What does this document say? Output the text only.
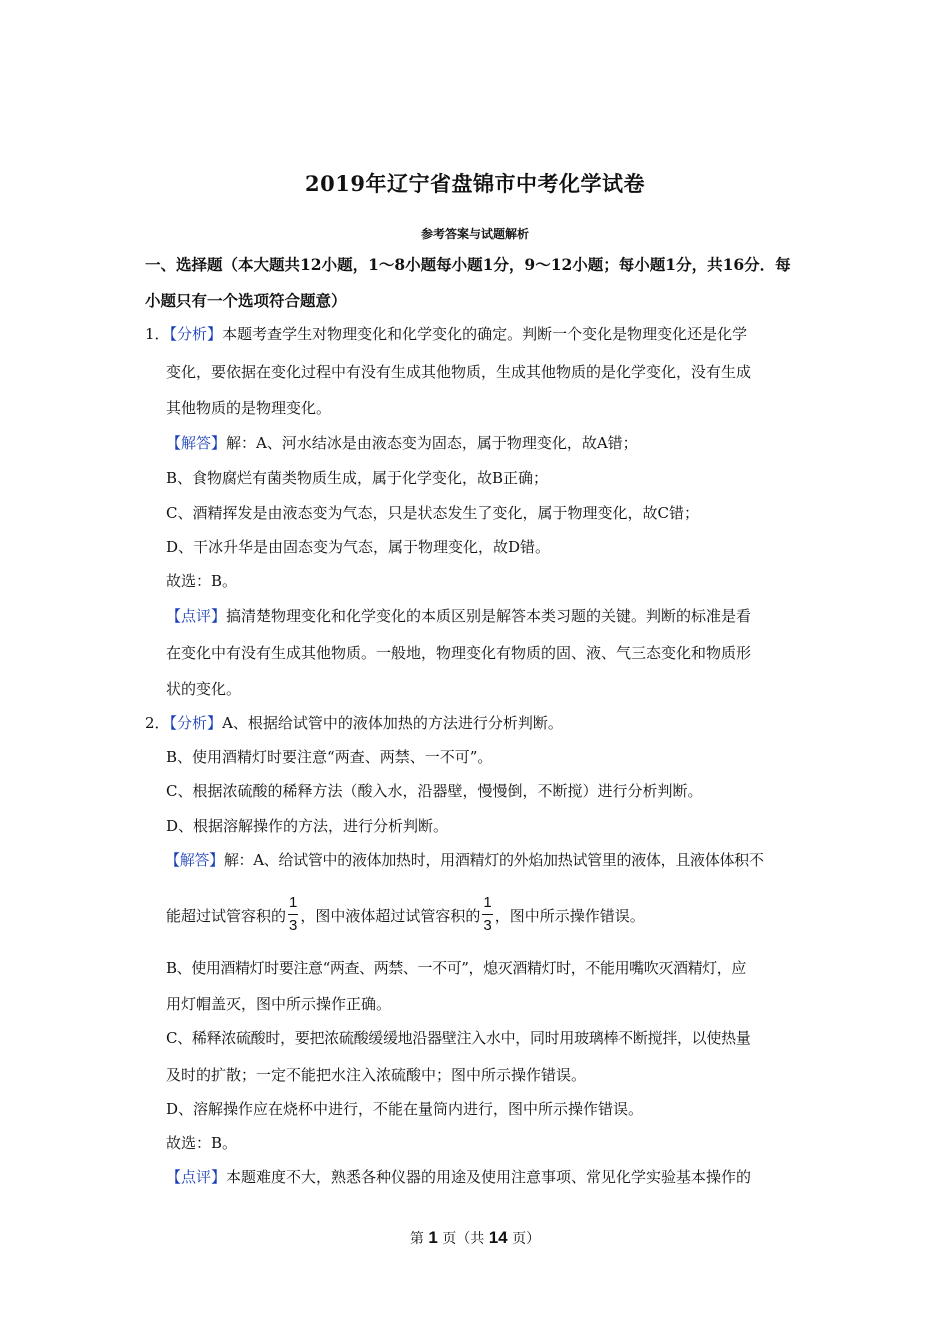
2019年辽宁省盘锦市中考化学试卷
参考答案与试题解析
一、选择题（本大题共12小题，1～8小题每小题1分，9～12小题；每小题1分，共16分．每
小题只有一个选项符合题意）
1．【分析】本题考查学生对物理变化和化学变化的确定。判断一个变化是物理变化还是化学
变化，要依据在变化过程中有没有生成其他物质，生成其他物质的是化学变化，没有生成
其他物质的是物理变化。
【解答】解：A、河水结冰是由液态变为固态，属于物理变化，故A错；
B、食物腐烂有菌类物质生成，属于化学变化，故B正确；
C、酒精挥发是由液态变为气态，只是状态发生了变化，属于物理变化，故C错；
D、干冰升华是由固态变为气态，属于物理变化，故D错。
故选：B。
【点评】搞清楚物理变化和化学变化的本质区别是解答本类习题的关键。判断的标准是看
在变化中有没有生成其他物质。一般地，物理变化有物质的固、液、气三态变化和物质形
状的变化。
2．【分析】A、根据给试管中的液体加热的方法进行分析判断。
B、使用酒精灯时要注意“两查、两禁、一不可”。
C、根据浓硫酸的稀释方法（酸入水，沿器壁，慢慢倒，不断搅）进行分析判断。
D、根据溶解操作的方法，进行分析判断。
【解答】解：A、给试管中的液体加热时，用酒精灯的外焰加热试管里的液体，且液体体积不
能超过试管容积的 $\frac{1}{3}$ ，图中液体超过试管容积的 $\frac{1}{3}$ ，图中所示操作错误。
B、使用酒精灯时要注意“两查、两禁、一不可”，熄灭酒精灯时，不能用嘴吹灭酒精灯，应
用灯帽盖灭，图中所示操作正确。
C、稀释浓硫酸时，要把浓硫酸缓缓地沿器壁注入水中，同时用玻璃棒不断搅拌，以使热量
及时的扩散；一定不能把水注入浓硫酸中；图中所示操作错误。
D、溶解操作应在烧杯中进行，不能在量筒内进行，图中所示操作错误。
故选：B。
【点评】本题难度不大，熟悉各种仪器的用途及使用注意事项、常见化学实验基本操作的
第 1 页（共 14 页）
